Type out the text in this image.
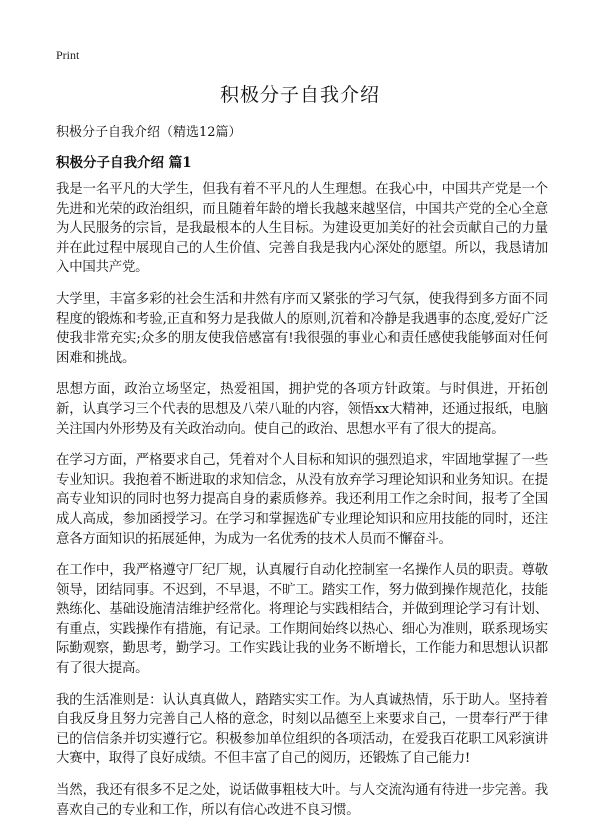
Print
积极分子自我介绍
积极分子自我介绍（精选12篇）
积极分子自我介绍 篇1

我是一名平凡的大学生，但我有着不平凡的人生理想。在我心中，中国共产党是一个先进和光荣的政治组织，而且随着年龄的增长我越来越坚信，中国共产党的全心全意为人民服务的宗旨，是我最根本的人生目标。为建设更加美好的社会贡献自己的力量并在此过程中展现自己的人生价值、完善自我是我内心深处的愿望。所以，我恳请加入中国共产党。

大学里，丰富多彩的社会生活和井然有序而又紧张的学习气氛，使我得到多方面不同程度的锻炼和考验,正直和努力是我做人的原则,沉着和冷静是我遇事的态度,爱好广泛使我非常充实;众多的朋友使我倍感富有!我很强的事业心和责任感使我能够面对任何困难和挑战。

思想方面，政治立场坚定，热爱祖国，拥护党的各项方针政策。与时俱进，开拓创新，认真学习三个代表的思想及八荣八耻的内容，领悟xx大精神，还通过报纸，电脑关注国内外形势及有关政治动向。使自己的政治、思想水平有了很大的提高。

在学习方面，严格要求自己，凭着对个人目标和知识的强烈追求，牢固地掌握了一些专业知识。我抱着不断进取的求知信念，从没有放弃学习理论知识和业务知识。在提高专业知识的同时也努力提高自身的素质修养。我还利用工作之余时间，报考了全国成人高成，参加函授学习。在学习和掌握选矿专业理论知识和应用技能的同时，还注意各方面知识的拓展延伸，为成为一名优秀的技术人员而不懈奋斗。

在工作中，我严格遵守厂纪厂规，认真履行自动化控制室一名操作人员的职责。尊敬领导，团结同事。不迟到，不早退，不旷工。踏实工作，努力做到操作规范化，技能熟练化、基础设施清洁维护经常化。将理论与实践相结合，并做到理论学习有计划、有重点，实践操作有措施，有记录。工作期间始终以热心、细心为准则，联系现场实际勤观察，勤思考，勤学习。工作实践让我的业务不断增长，工作能力和思想认识都有了很大提高。

我的生活准则是：认认真真做人，踏踏实实工作。为人真诚热情，乐于助人。坚持着自我反身且努力完善自己人格的意念，时刻以品德至上来要求自己，一贯奉行严于律已的信信条并切实遵行它。积极参加单位组织的各项活动，在爱我百花职工风彩演讲大赛中，取得了良好成绩。不但丰富了自己的阅历，还锻炼了自己能力!

当然，我还有很多不足之处，说话做事粗枝大叶。与人交流沟通有待进一步完善。我喜欢自己的专业和工作，所以有信心改进不良习惯。
